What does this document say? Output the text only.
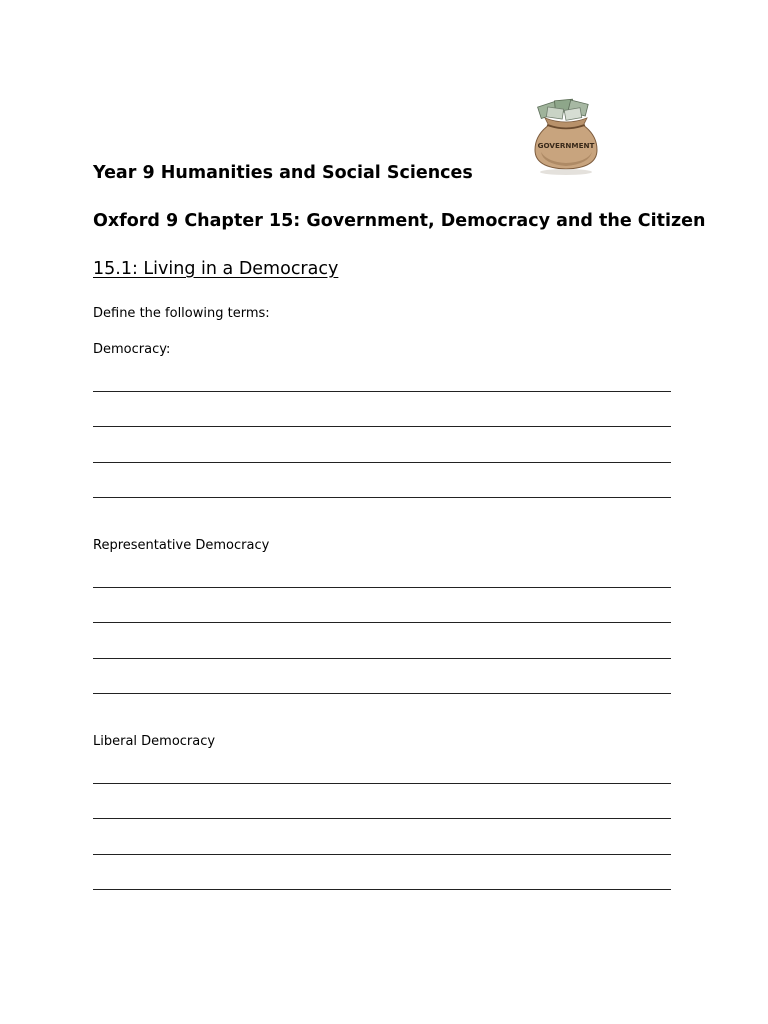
GOVERNMENT
Year 9 Humanities and Social Sciences
Oxford 9 Chapter 15: Government, Democracy and the Citizen
15.1: Living in a Democracy
Define the following terms:
Democracy:
Representative Democracy
Liberal Democracy
